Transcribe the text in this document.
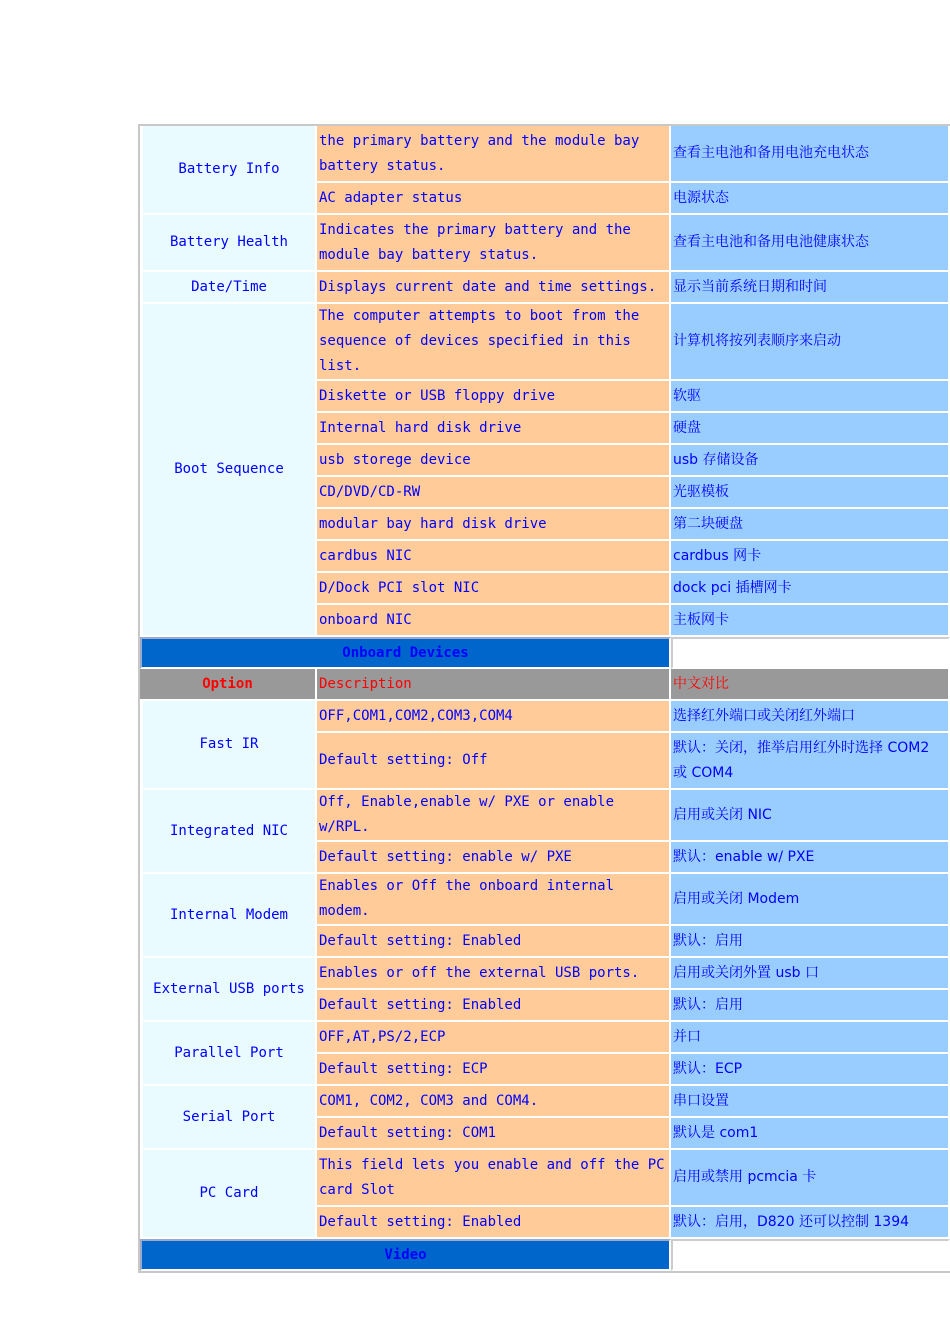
Battery Info	the primary battery and the module bay battery status.	查看主电池和备用电池充电状态
	AC adapter status	电源状态
Battery Health	Indicates the primary battery and the module bay battery status.	查看主电池和备用电池健康状态
Date/Time	Displays current date and time settings.	显示当前系统日期和时间
Boot Sequence	The computer attempts to boot from the sequence of devices specified in this list.	计算机将按列表顺序来启动
	Diskette or USB floppy drive	软驱
	Internal hard disk drive	硬盘
	usb storege device	usb 存储设备
	CD/DVD/CD-RW	光驱模板
	modular bay hard disk drive	第二块硬盘
	cardbus NIC	cardbus 网卡
	D/Dock PCI slot NIC	dock pci 插槽网卡
	onboard NIC	主板网卡
Onboard Devices		
Option	Description	中文对比
Fast IR	OFF,COM1,COM2,COM3,COM4	选择红外端口或关闭红外端口
	Default setting: Off	默认：关闭，推举启用红外时选择 COM2 或 COM4
Integrated NIC	Off, Enable,enable w/ PXE or enable w/RPL.	启用或关闭 NIC
	Default setting: enable w/ PXE	默认：enable w/ PXE
Internal Modem	Enables or Off the onboard internal modem.	启用或关闭 Modem
	Default setting: Enabled	默认：启用
External USB ports	Enables or off the external USB ports.	启用或关闭外置 usb 口
	Default setting: Enabled	默认：启用
Parallel Port	OFF,AT,PS/2,ECP	并口
	Default setting: ECP	默认：ECP
Serial Port	COM1, COM2, COM3 and COM4.	串口设置
	Default setting: COM1	默认是 com1
PC Card	This field lets you enable and off the PC card Slot	启用或禁用 pcmcia 卡
	Default setting: Enabled	默认：启用，D820 还可以控制 1394
Video		
